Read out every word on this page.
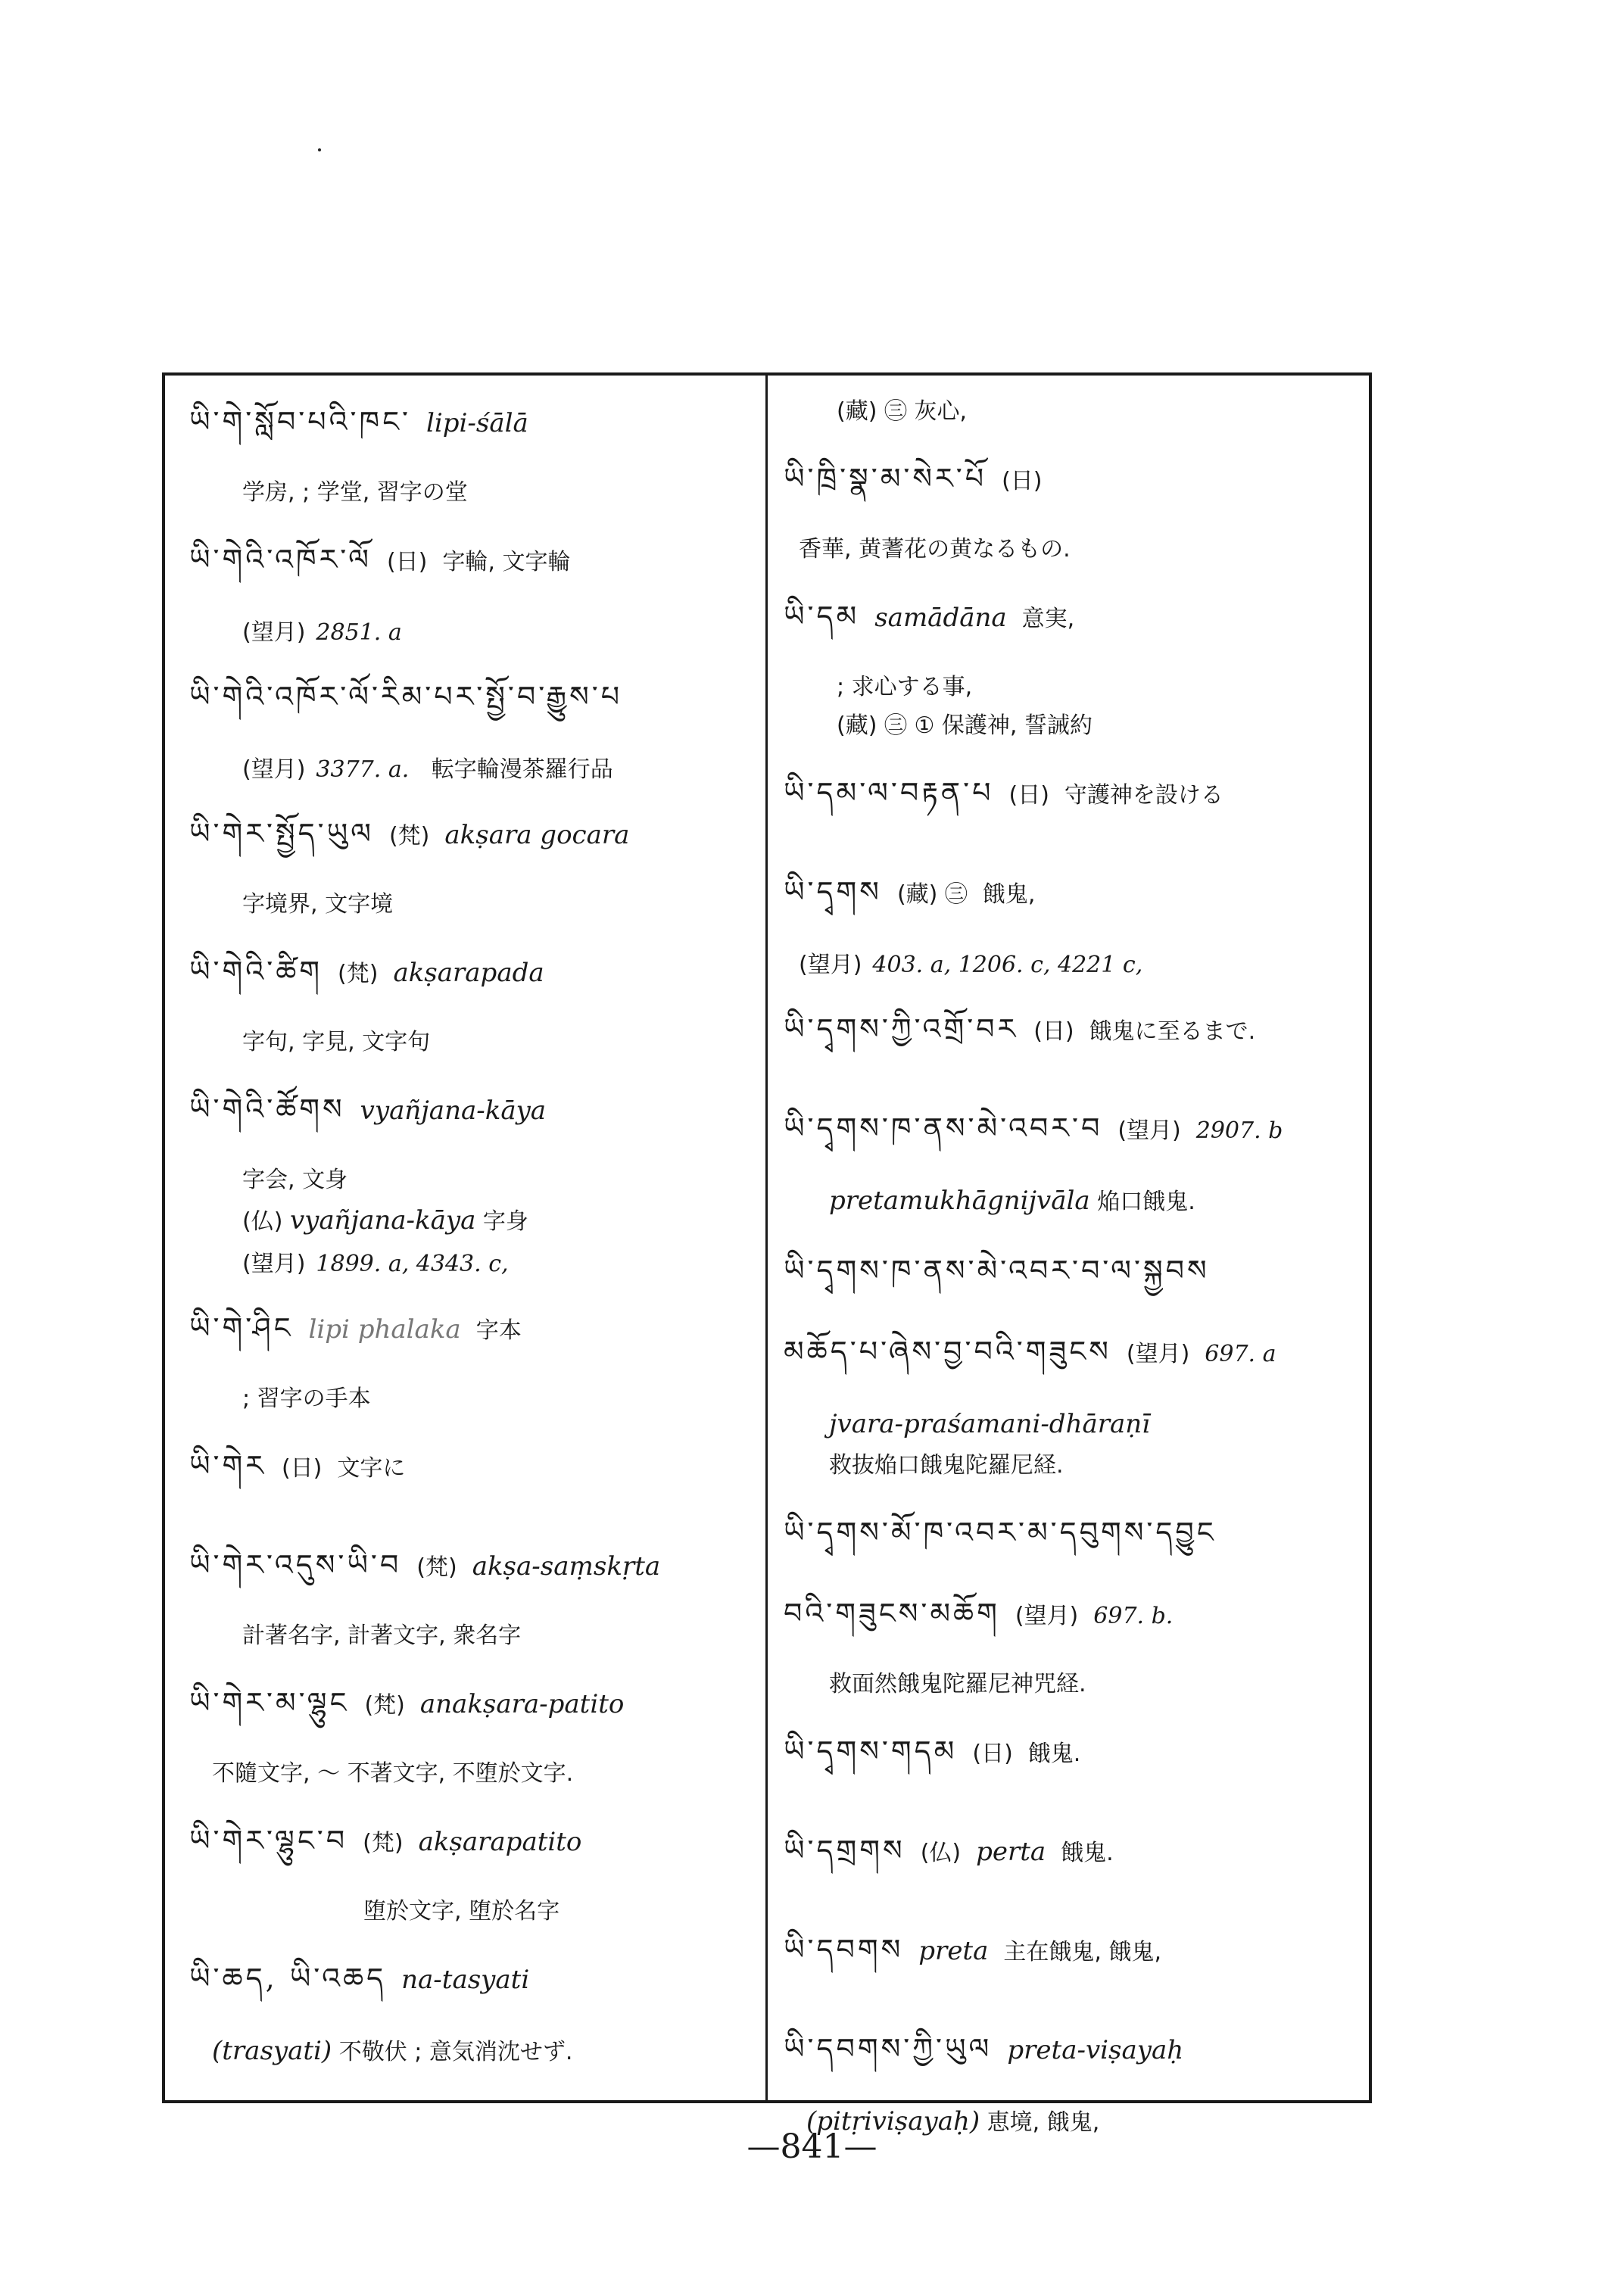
ཡི་གེ་སློབ་པའི་ཁང་ lipi-śālā
学房, ; 学堂, 習字の堂
ཡི་གེའི་འཁོར་ལོ (日) 字輪, 文字輪
(望月) 2851. a
ཡི་གེའི་འཁོར་ལོ་རིམ་པར་སྤྱོ་བ་རྒྱུས་པ
(望月) 3377. a. 転字輪漫茶羅行品
ཡི་གེར་སྤྱོད་ཡུལ (梵) akṣara gocara
字境界, 文字境
ཡི་གེའི་ཚིག (梵) akṣarapada
字句, 字見, 文字句
ཡི་གེའི་ཚོགས vyañjana-kāya
字会, 文身
(仏) vyañjana-kāya 字身
(望月) 1899. a, 4343. c,
ཡི་གེ་ཤིང lipi phalaka 字本
; 習字の手本
ཡི་གེར (日) 文字に
ཡི་གེར་འདུས་ཡི་བ (梵) akṣa-saṃskṛta
計著名字, 計著文字, 衆名字
ཡི་གེར་མ་ལྷུང (梵) anakṣara-patito
不隨文字, ～ 不著文字, 不堕於文字.
ཡི་གེར་ལྷུང་བ (梵) akṣarapatito
堕於文字, 堕於名字
ཡི་ཆད, ཡི་འཆད na-tasyati
(trasyati) 不敬伏 ; 意気消沈せず.
(藏) ㊂ 灰心,
ཡི་ཁྲི་སྣ་མ་སེར་པོ (日)
香華, 黄蓍花の黄なるもの.
ཡི་དམ samādāna 意実,
; 求心する事,
(藏) ㊂ ① 保護神, 誓誡約
ཡི་དམ་ལ་བརྟན་པ (日) 守護神を設ける
ཡི་དྭགས (藏) ㊂ 餓鬼,
(望月) 403. a, 1206. c, 4221 c,
ཡི་དྭགས་ཀྱི་འགྲོ་བར (日) 餓鬼に至るまで.
ཡི་དྭགས་ཁ་ནས་མེ་འབར་བ (望月) 2907. b
pretamukhāgnijvāla 焔口餓鬼.
ཡི་དྭགས་ཁ་ནས་མེ་འབར་བ་ལ་སྐྱབས
མཆོད་པ་ཞེས་བྱ་བའི་གཟུངས (望月) 697. a
jvara-praśamani-dhāraṇī
救抜焔口餓鬼陀羅尼経.
ཡི་དྭགས་མོ་ཁ་འབར་མ་དབུགས་དབྱུང
བའི་གཟུངས་མཆོག (望月) 697. b.
救面然餓鬼陀羅尼神咒経.
ཡི་དྭགས་གདམ (日) 餓鬼.
ཡི་དགྲགས (仏) perta 餓鬼.
ཡི་དབགས preta 主在餓鬼, 餓鬼,
ཡི་དབགས་ཀྱི་ཡུལ preta-viṣayaḥ
(pitṛiviṣayaḥ) 恵境, 餓鬼,
—841—
